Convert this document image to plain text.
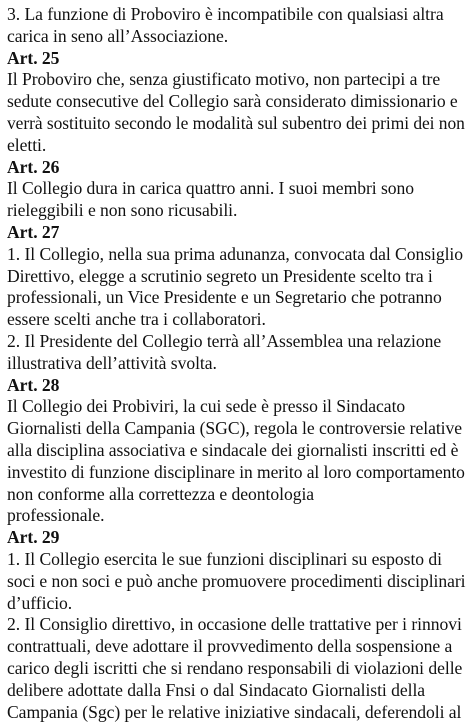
3. La funzione di Proboviro è incompatibile con qualsiasi altra
carica in seno all’Associazione.
Art. 25
Il Proboviro che, senza giustificato motivo, non partecipi a tre
sedute consecutive del Collegio sarà considerato dimissionario e
verrà sostituito secondo le modalità sul subentro dei primi dei non
eletti.
Art. 26
Il Collegio dura in carica quattro anni. I suoi membri sono
rieleggibili e non sono ricusabili.
Art. 27
1. Il Collegio, nella sua prima adunanza, convocata dal Consiglio
Direttivo, elegge a scrutinio segreto un Presidente scelto tra i
professionali, un Vice Presidente e un Segretario che potranno
essere scelti anche tra i collaboratori.
2. Il Presidente del Collegio terrà all’Assemblea una relazione
illustrativa dell’attività svolta.
Art. 28
Il Collegio dei Probiviri, la cui sede è presso il Sindacato
Giornalisti della Campania (SGC), regola le controversie relative
alla disciplina associativa e sindacale dei giornalisti inscritti ed è
investito di funzione disciplinare in merito al loro comportamento
non conforme alla correttezza e deontologia
professionale.
Art. 29
1. Il Collegio esercita le sue funzioni disciplinari su esposto di
soci e non soci e può anche promuovere procedimenti disciplinari
d’ufficio.
2. Il Consiglio direttivo, in occasione delle trattative per i rinnovi
contrattuali, deve adottare il provvedimento della sospensione a
carico degli iscritti che si rendano responsabili di violazioni delle
delibere adottate dalla Fnsi o dal Sindacato Giornalisti della
Campania (Sgc) per le relative iniziative sindacali, deferendoli al
